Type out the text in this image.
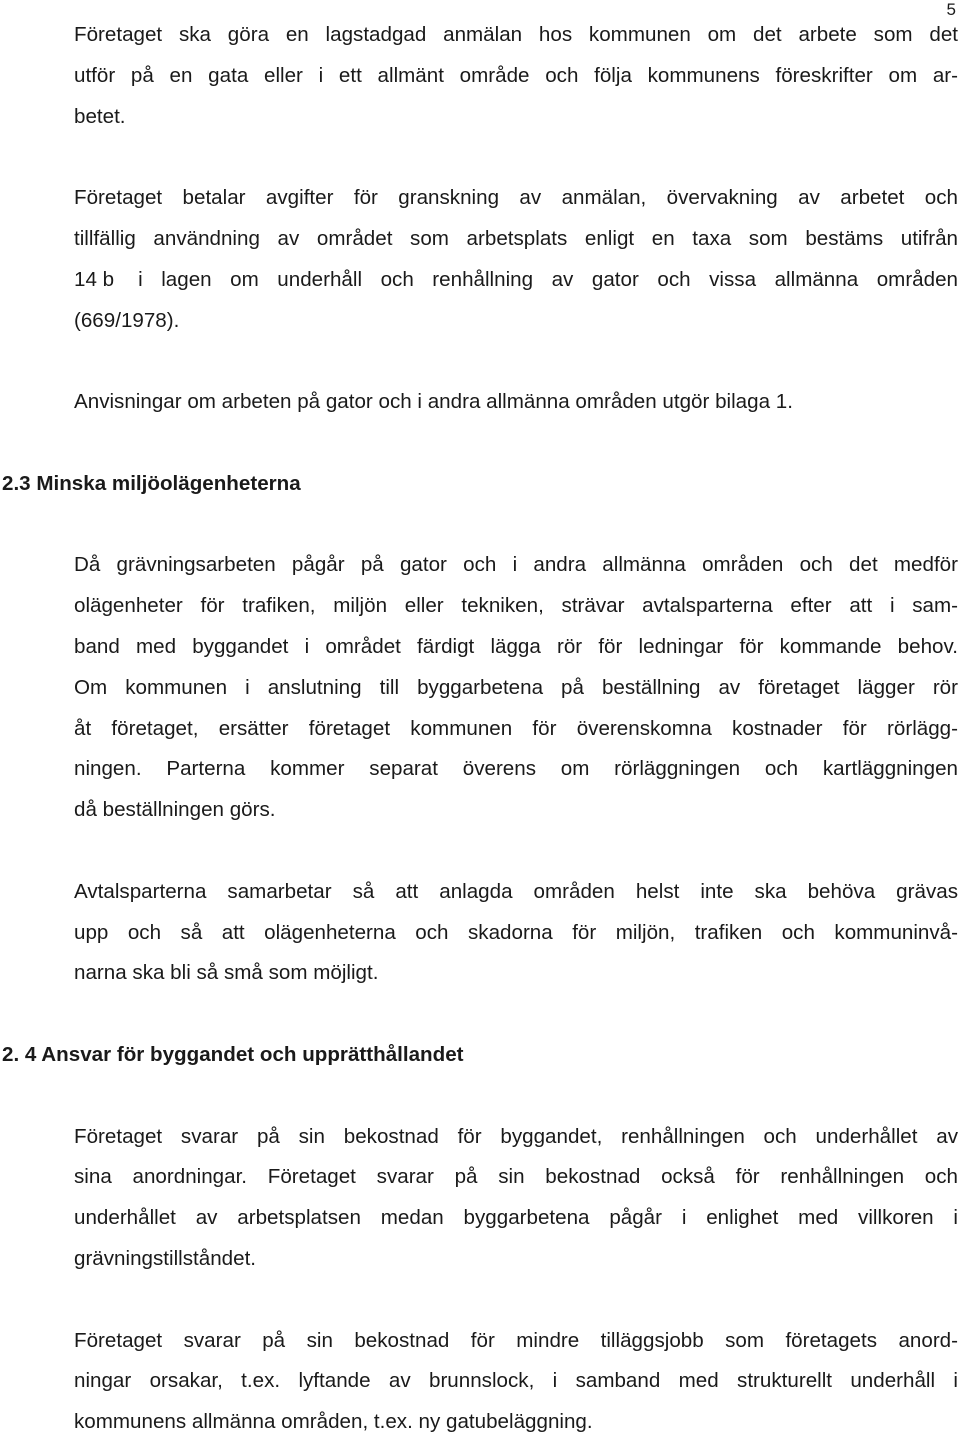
5
Företaget ska göra en lagstadgad anmälan hos kommunen om det arbete som det
utför på en gata eller i ett allmänt område och följa kommunens föreskrifter om ar-
betet.
Företaget betalar avgifter för granskning av anmälan, övervakning av arbetet och
tillfällig användning av området som arbetsplats enligt en taxa som bestäms utifrån
14 b i lagen om underhåll och renhållning av gator och vissa allmänna områden
(669/1978).
Anvisningar om arbeten på gator och i andra allmänna områden utgör bilaga 1.
2.3 Minska miljöolägenheterna
Då grävningsarbeten pågår på gator och i andra allmänna områden och det medför
olägenheter för trafiken, miljön eller tekniken, strävar avtalsparterna efter att i sam-
band med byggandet i området färdigt lägga rör för ledningar för kommande behov.
Om kommunen i anslutning till byggarbetena på beställning av företaget lägger rör
åt företaget, ersätter företaget kommunen för överenskomna kostnader för rörlägg-
ningen. Parterna kommer separat överens om rörläggningen och kartläggningen
då beställningen görs.
Avtalsparterna samarbetar så att anlagda områden helst inte ska behöva grävas
upp och så att olägenheterna och skadorna för miljön, trafiken och kommuninvå-
narna ska bli så små som möjligt.
2. 4 Ansvar för byggandet och upprätthållandet
Företaget svarar på sin bekostnad för byggandet, renhållningen och underhållet av
sina anordningar. Företaget svarar på sin bekostnad också för renhållningen och
underhållet av arbetsplatsen medan byggarbetena pågår i enlighet med villkoren i
grävningstillståndet.
Företaget svarar på sin bekostnad för mindre tilläggsjobb som företagets anord-
ningar orsakar, t.ex. lyftande av brunnslock, i samband med strukturellt underhåll i
kommunens allmänna områden, t.ex. ny gatubeläggning.
